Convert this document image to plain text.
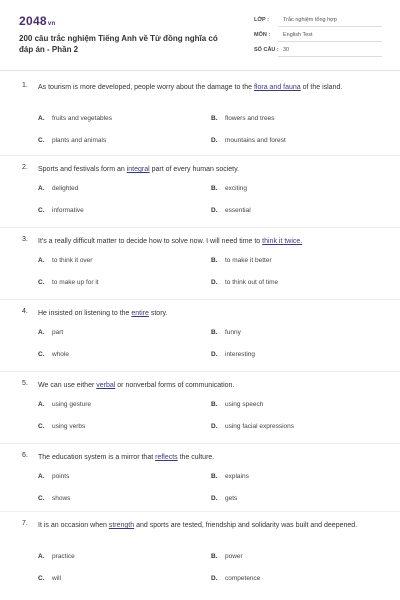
2048vn
200 câu trắc nghiệm Tiếng Anh về Từ đồng nghĩa có đáp án - Phần 2
LỚP :	Trắc nghiệm tổng hợp
MÔN : English Test
SỐ CÂU : 30
1. As tourism is more developed, people worry about the damage to the flora and fauna of the island.
A. fruits and vegetables	B. flowers and trees
C. plants and animals	D. mountains and forest
2. Sports and festivals form an integral part of every human society.
A. delighted	B. exciting
C. informative	D. essential
3. It's a really difficult matter to decide how to solve now. I will need time to think it twice.
A. to think it over	B. to make it better
C. to make up for it	D. to think out of time
4. He insisted on listening to the entire story.
A. part	B. funny
C. whole	D. interesting
5. We can use either verbal or nonverbal forms of communication.
A. using gesture	B. using speech
C. using verbs	D. using facial expressions
6. The education system is a mirror that reflects the culture.
A. points	B. explains
C. shows	D. gets
7. It is an occasion when strength and sports are tested, friendship and solidarity was built and deepened.
A. practice	B. power
C. will	D. competence
